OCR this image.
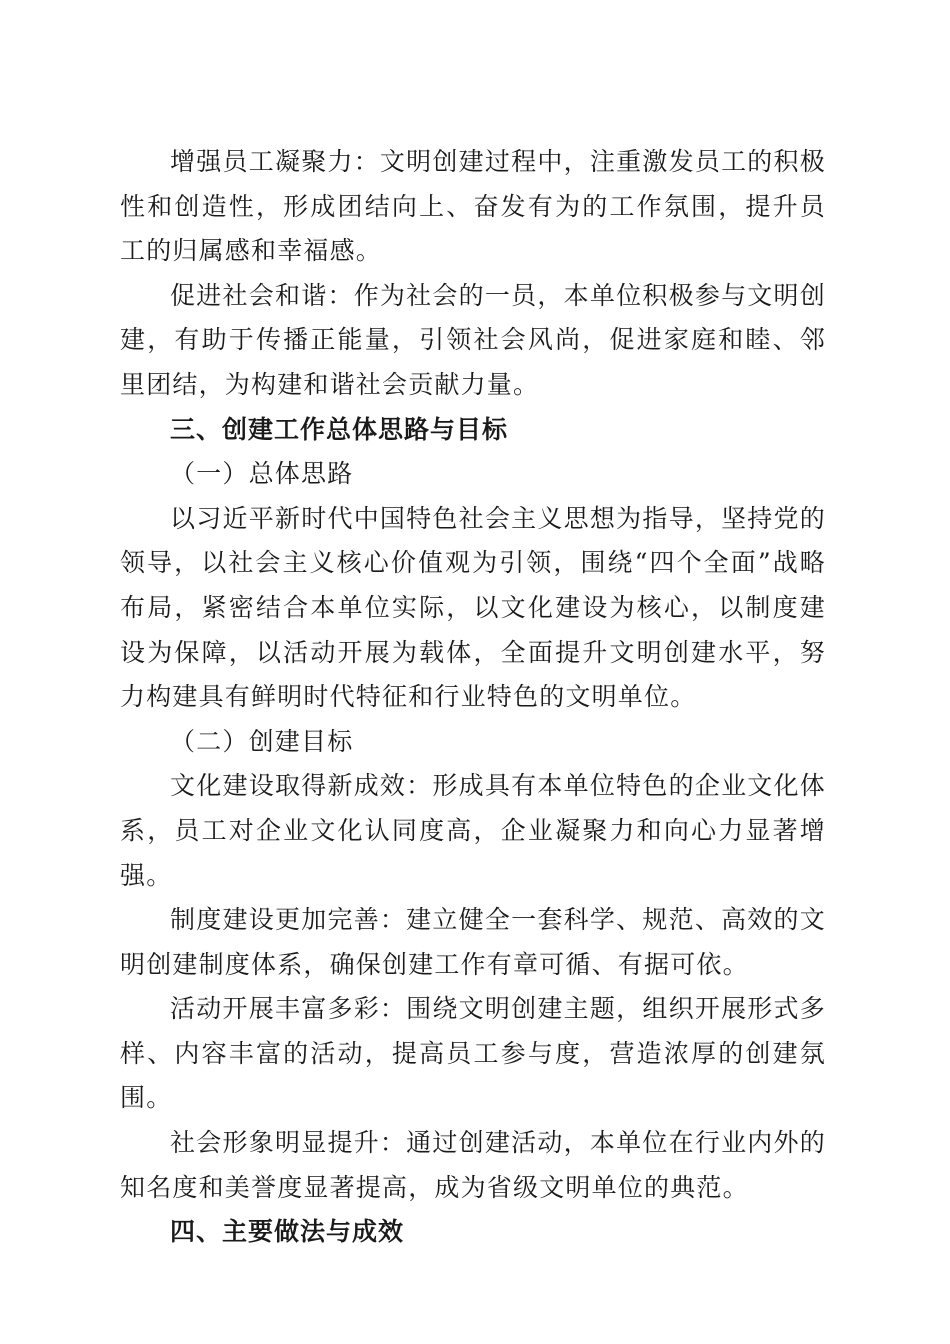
增强员工凝聚力：文明创建过程中，注重激发员工的积极性和创造性，形成团结向上、奋发有为的工作氛围，提升员工的归属感和幸福感。

促进社会和谐：作为社会的一员，本单位积极参与文明创建，有助于传播正能量，引领社会风尚，促进家庭和睦、邻里团结，为构建和谐社会贡献力量。

三、创建工作总体思路与目标

（一）总体思路

以习近平新时代中国特色社会主义思想为指导，坚持党的领导，以社会主义核心价值观为引领，围绕“四个全面”战略布局，紧密结合本单位实际，以文化建设为核心，以制度建设为保障，以活动开展为载体，全面提升文明创建水平，努力构建具有鲜明时代特征和行业特色的文明单位。

（二）创建目标

文化建设取得新成效：形成具有本单位特色的企业文化体系，员工对企业文化认同度高，企业凝聚力和向心力显著增强。

制度建设更加完善：建立健全一套科学、规范、高效的文明创建制度体系，确保创建工作有章可循、有据可依。

活动开展丰富多彩：围绕文明创建主题，组织开展形式多样、内容丰富的活动，提高员工参与度，营造浓厚的创建氛围。

社会形象明显提升：通过创建活动，本单位在行业内外的知名度和美誉度显著提高，成为省级文明单位的典范。

四、主要做法与成效
